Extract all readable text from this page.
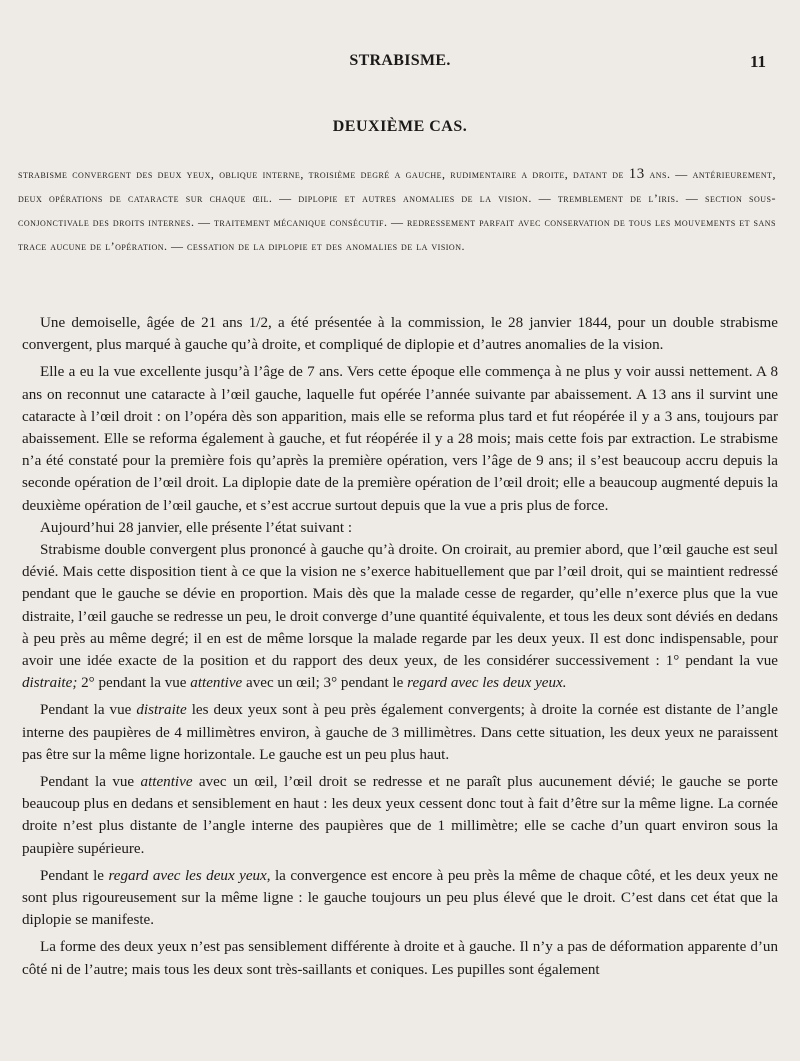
STRABISME.	11
DEUXIÈME CAS.

strabisme convergent des deux yeux, oblique interne, troisième degré a gauche, rudimentaire a droite, datant de 13 ans. — antérieurement, deux opérations de cataracte sur chaque œil. — diplopie et autres anomalies de la vision. — tremblement de l’iris. — section sous-conjonctivale des droits internes. — traitement mécanique consécutif. — redressement parfait avec conservation de tous les mouvements et sans trace aucune de l’opération. — cessation de la diplopie et des anomalies de la vision.

Une demoiselle, âgée de 21 ans 1/2, a été présentée à la commission, le 28 janvier 1844, pour un double strabisme convergent, plus marqué à gauche qu’à droite, et compliqué de diplopie et d’autres anomalies de la vision.

Elle a eu la vue excellente jusqu’à l’âge de 7 ans. Vers cette époque elle commença à ne plus y voir aussi nettement. A 8 ans on reconnut une cataracte à l’œil gauche, laquelle fut opérée l’année suivante par abaissement. A 13 ans il survint une cataracte à l’œil droit : on l’opéra dès son apparition, mais elle se reforma plus tard et fut réopérée il y a 3 ans, toujours par abaissement. Elle se reforma également à gauche, et fut réopérée il y a 28 mois; mais cette fois par extraction. Le strabisme n’a été constaté pour la première fois qu’après la première opération, vers l’âge de 9 ans; il s’est beaucoup accru depuis la seconde opération de l’œil droit. La diplopie date de la première opération de l’œil droit; elle a beaucoup augmenté depuis la deuxième opération de l’œil gauche, et s’est accrue surtout depuis que la vue a pris plus de force.

Aujourd’hui 28 janvier, elle présente l’état suivant :

Strabisme double convergent plus prononcé à gauche qu’à droite. On croirait, au premier abord, que l’œil gauche est seul dévié. Mais cette disposition tient à ce que la vision ne s’exerce habituellement que par l’œil droit, qui se maintient redressé pendant que le gauche se dévie en proportion. Mais dès que la malade cesse de regarder, qu’elle n’exerce plus que la vue distraite, l’œil gauche se redresse un peu, le droit converge d’une quantité équivalente, et tous les deux sont déviés en dedans à peu près au même degré; il en est de même lorsque la malade regarde par les deux yeux. Il est donc indispensable, pour avoir une idée exacte de la position et du rapport des deux yeux, de les considérer successivement : 1° pendant la vue distraite; 2° pendant la vue attentive avec un œil; 3° pendant le regard avec les deux yeux.

Pendant la vue distraite les deux yeux sont à peu près également convergents; à droite la cornée est distante de l’angle interne des paupières de 4 millimètres environ, à gauche de 3 millimètres. Dans cette situation, les deux yeux ne paraissent pas être sur la même ligne horizontale. Le gauche est un peu plus haut.

Pendant la vue attentive avec un œil, l’œil droit se redresse et ne paraît plus aucunement dévié; le gauche se porte beaucoup plus en dedans et sensiblement en haut : les deux yeux cessent donc tout à fait d’être sur la même ligne. La cornée droite n’est plus distante de l’angle interne des paupières que de 1 millimètre; elle se cache d’un quart environ sous la paupière supérieure.

Pendant le regard avec les deux yeux, la convergence est encore à peu près la même de chaque côté, et les deux yeux ne sont plus rigoureusement sur la même ligne : le gauche toujours un peu plus élevé que le droit. C’est dans cet état que la diplopie se manifeste.

La forme des deux yeux n’est pas sensiblement différente à droite et à gauche. Il n’y a pas de déformation apparente d’un côté ni de l’autre; mais tous les deux sont très-saillants et coniques. Les pupilles sont également
